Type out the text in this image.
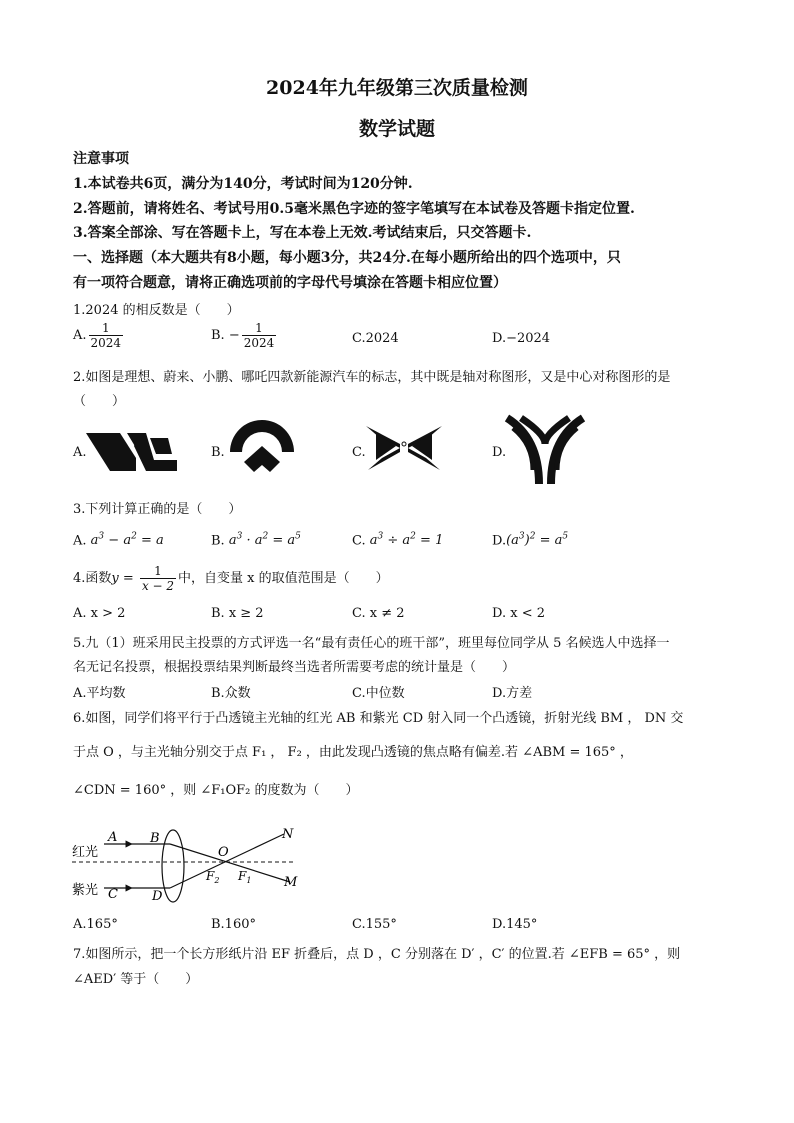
2024年九年级第三次质量检测
数学试题
注意事项
1.本试卷共6页，满分为140分，考试时间为120分钟.
2.答题前，请将姓名、考试号用0.5毫米黑色字迹的签字笔填写在本试卷及答题卡指定位置.
3.答案全部涂、写在答题卡上，写在本卷上无效.考试结束后，只交答题卡.
一、选择题（本大题共有8小题，每小题3分，共24分.在每小题所给出的四个选项中，只
有一项符合题意，请将正确选项前的字母代号填涂在答题卡相应位置）
1.2024 的相反数是（　　）
A. $\frac{1}{2024}$	B. − $\frac{1}{2024}$	C.2024	D.−2024
2.如图是理想、蔚来、小鹏、哪吒四款新能源汽车的标志，其中既是轴对称图形，又是中心对称图形的是
（　　）
A.	B.	C.	D.
3.下列计算正确的是（　　）
A. $a^3 - a^2 = a$	B. $a^3 \cdot a^2 = a^5$	C. $a^3 \div a^2 = 1$	$D.(a^3)^2 = a^5$
4.函数$y = \frac{1}{x - 2}$ 中，自变量 x 的取值范围是（　　）
A. x > 2	B. x ≥ 2	C. x ≠ 2	D. x < 2
5.九（1）班采用民主投票的方式评选一名“最有责任心的班干部”，班里每位同学从 5 名候选人中选择一
名无记名投票，根据投票结果判断最终当选者所需要考虑的统计量是（　　）
A.平均数	B.众数	C.中位数	D.方差
6.如图，同学们将平行于凸透镜主光轴的红光 AB 和紫光 CD 射入同一个凸透镜，折射光线 BM ， DN 交
于点 O ，与主光轴分别交于点 F₁ ， F₂ ，由此发现凸透镜的焦点略有偏差.若 ∠ABM = 165° ，
∠CDN = 160° ，则 ∠F₁OF₂ 的度数为（　　）
红光
紫光
A	B
C	D
N
O
M
$F_2$ $F_1$
A.165°	B.160°	C.155°	D.145°
7.如图所示，把一个长方形纸片沿 EF 折叠后，点 D ，C 分别落在 D′ ，C′ 的位置.若 ∠EFB = 65° ，则
∠AED′ 等于（　　）
